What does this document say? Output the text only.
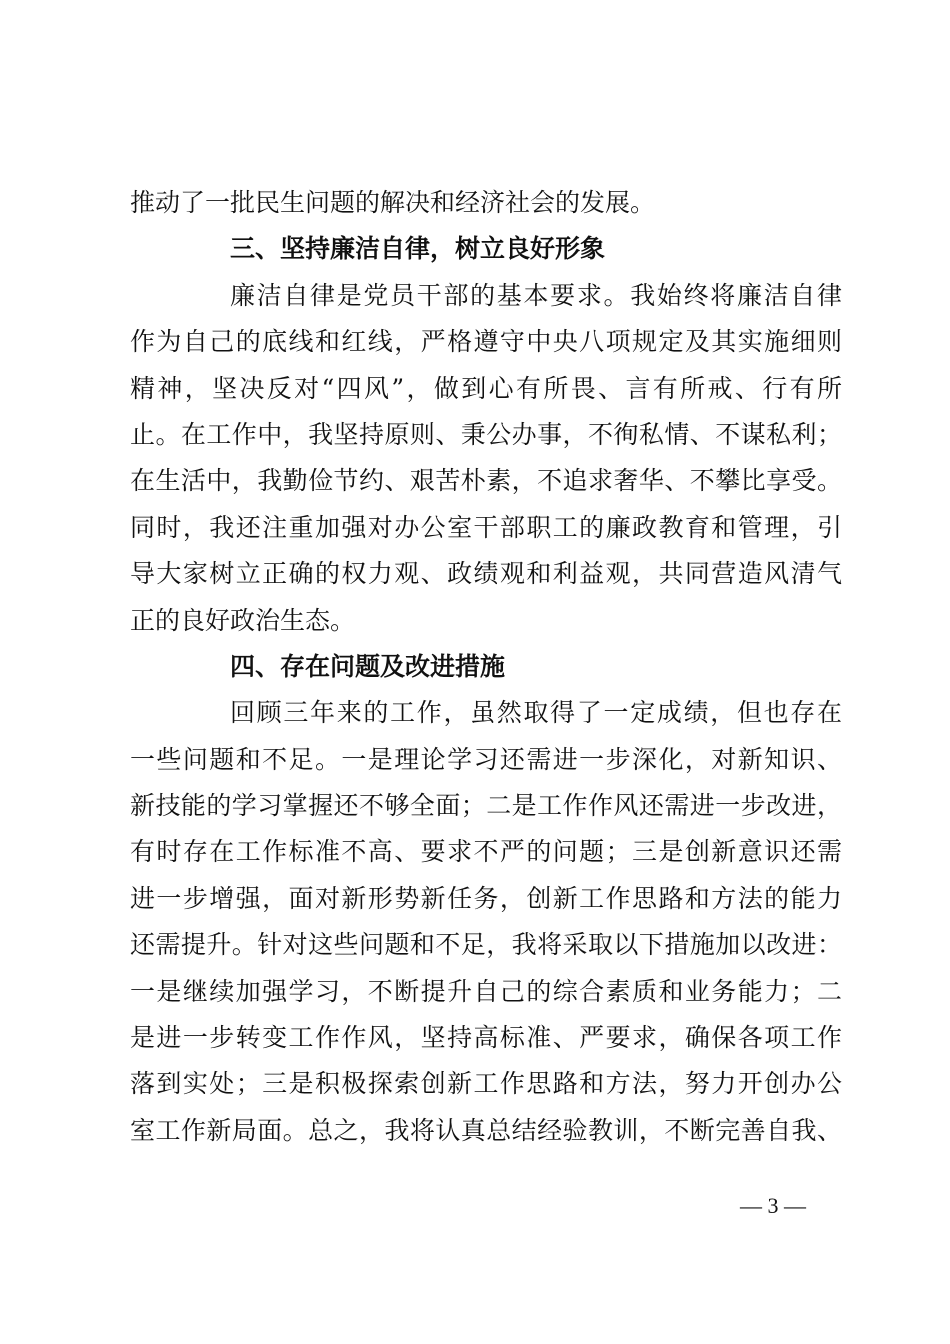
推动了一批民生问题的解决和经济社会的发展。
三、坚持廉洁自律，树立良好形象
廉洁自律是党员干部的基本要求。我始终将廉洁自律
作为自己的底线和红线，严格遵守中央八项规定及其实施细则
精神，坚决反对“四风”，做到心有所畏、言有所戒、行有所
止。在工作中，我坚持原则、秉公办事，不徇私情、不谋私利；
在生活中，我勤俭节约、艰苦朴素，不追求奢华、不攀比享受。
同时，我还注重加强对办公室干部职工的廉政教育和管理，引
导大家树立正确的权力观、政绩观和利益观，共同营造风清气
正的良好政治生态。
四、存在问题及改进措施
回顾三年来的工作，虽然取得了一定成绩，但也存在
一些问题和不足。一是理论学习还需进一步深化，对新知识、
新技能的学习掌握还不够全面；二是工作作风还需进一步改进，
有时存在工作标准不高、要求不严的问题；三是创新意识还需
进一步增强，面对新形势新任务，创新工作思路和方法的能力
还需提升。针对这些问题和不足，我将采取以下措施加以改进：
一是继续加强学习，不断提升自己的综合素质和业务能力；二
是进一步转变工作作风，坚持高标准、严要求，确保各项工作
落到实处；三是积极探索创新工作思路和方法，努力开创办公
室工作新局面。总之，我将认真总结经验教训，不断完善自我、
— 3 —
